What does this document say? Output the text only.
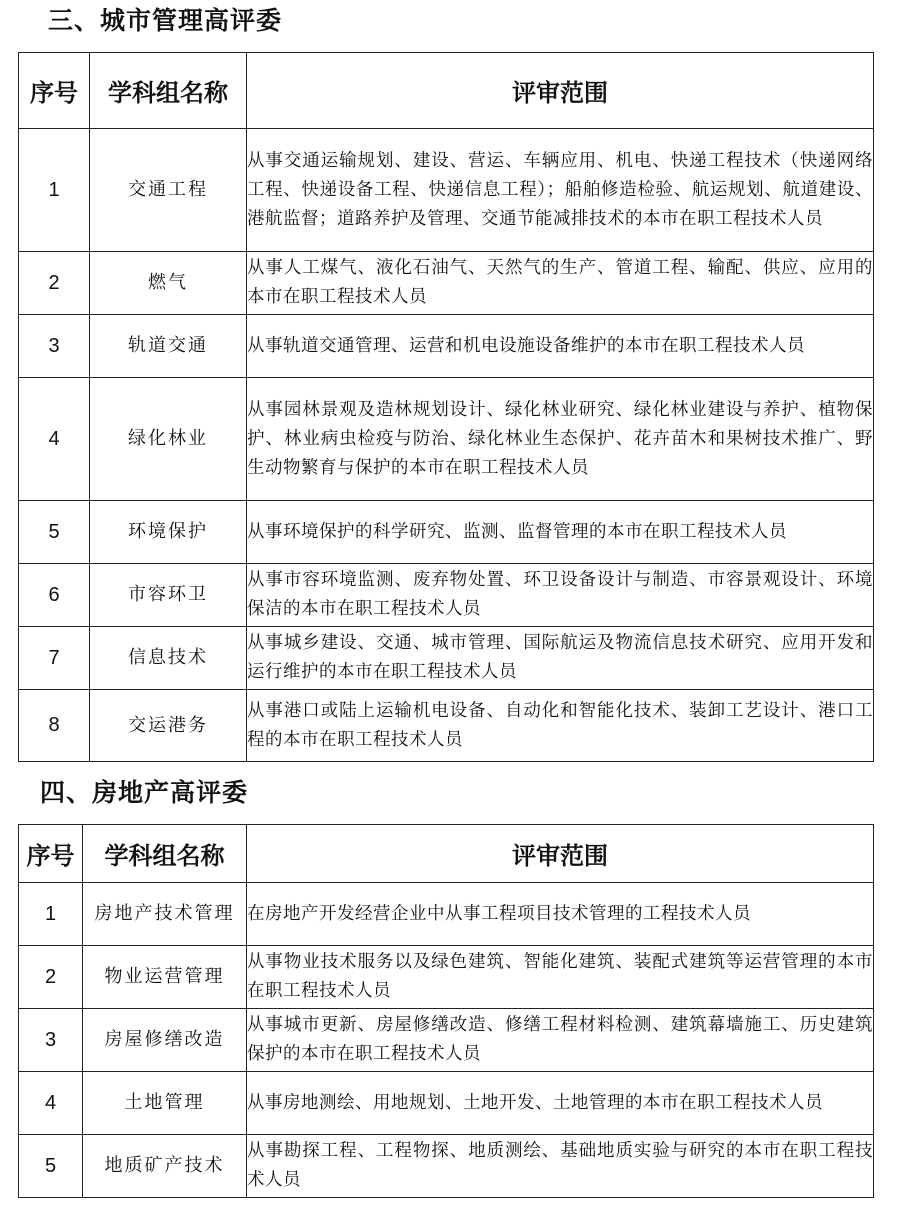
三、城市管理高评委
序号	学科组名称	评审范围
1	交通工程	从事交通运输规划、建设、营运、车辆应用、机电、快递工程技术（快递网络工程、快递设备工程、快递信息工程）；船舶修造检验、航运规划、航道建设、港航监督；道路养护及管理、交通节能减排技术的本市在职工程技术人员
2	燃气	从事人工煤气、液化石油气、天然气的生产、管道工程、输配、供应、应用的本市在职工程技术人员
3	轨道交通	从事轨道交通管理、运营和机电设施设备维护的本市在职工程技术人员
4	绿化林业	从事园林景观及造林规划设计、绿化林业研究、绿化林业建设与养护、植物保护、林业病虫检疫与防治、绿化林业生态保护、花卉苗木和果树技术推广、野生动物繁育与保护的本市在职工程技术人员
5	环境保护	从事环境保护的科学研究、监测、监督管理的本市在职工程技术人员
6	市容环卫	从事市容环境监测、废弃物处置、环卫设备设计与制造、市容景观设计、环境保洁的本市在职工程技术人员
7	信息技术	从事城乡建设、交通、城市管理、国际航运及物流信息技术研究、应用开发和运行维护的本市在职工程技术人员
8	交运港务	从事港口或陆上运输机电设备、自动化和智能化技术、装卸工艺设计、港口工程的本市在职工程技术人员
四、房地产高评委
序号	学科组名称	评审范围
1	房地产技术管理	在房地产开发经营企业中从事工程项目技术管理的工程技术人员
2	物业运营管理	从事物业技术服务以及绿色建筑、智能化建筑、装配式建筑等运营管理的本市在职工程技术人员
3	房屋修缮改造	从事城市更新、房屋修缮改造、修缮工程材料检测、建筑幕墙施工、历史建筑保护的本市在职工程技术人员
4	土地管理	从事房地测绘、用地规划、土地开发、土地管理的本市在职工程技术人员
5	地质矿产技术	从事勘探工程、工程物探、地质测绘、基础地质实验与研究的本市在职工程技术人员
